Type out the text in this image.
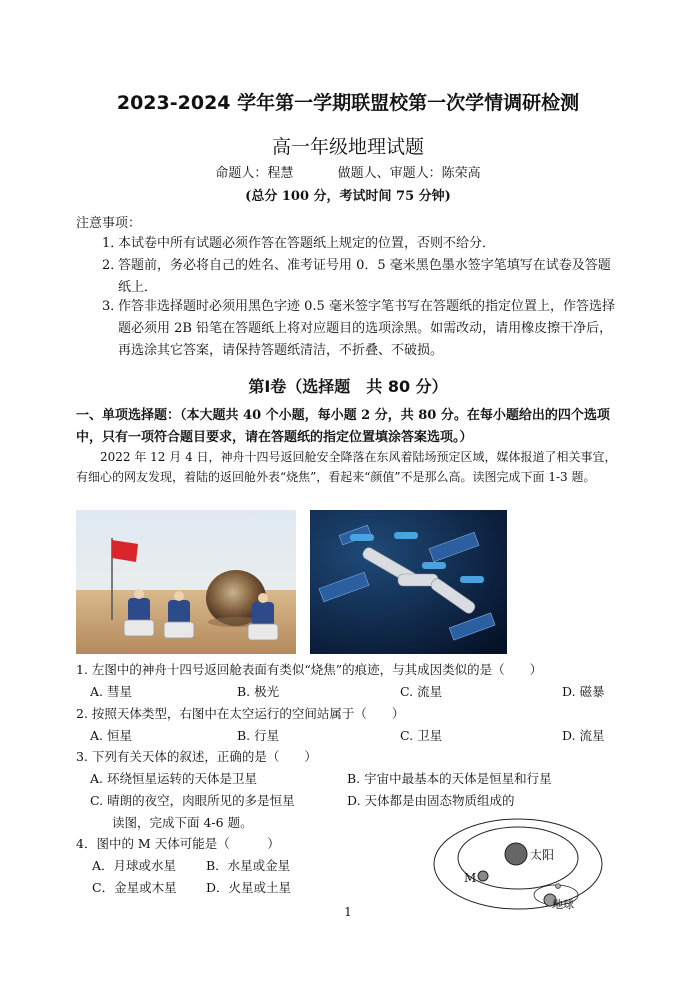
2023-2024 学年第一学期联盟校第一次学情调研检测
高一年级地理试题
命题人：程慧	做题人、审题人：陈荣高
(总分 100 分，考试时间 75 分钟)
注意事项：
1．
本试卷中所有试题必须作答在答题纸上规定的位置，否则不给分．
2．
答题前，务必将自己的姓名、准考证号用 0．5 毫米黑色墨水签字笔填写在试卷及答题纸上．
3．
作答非选择题时必须用黑色字迹 0.5 毫米签字笔书写在答题纸的指定位置上，作答选择题必须用 2B 铅笔在答题纸上将对应题目的选项涂黑。如需改动，请用橡皮擦干净后，再选涂其它答案，请保持答题纸清洁，不折叠、不破损。
第Ⅰ卷（选择题　共 80 分）
一、单项选择题：（本大题共 40 个小题，每小题 2 分，共 80 分。在每小题给出的四个选项中，只有一项符合题目要求，请在答题纸的指定位置填涂答案选项。）
2022 年 12 月 4 日，神舟十四号返回舱安全降落在东风着陆场预定区域，媒体报道了相关事宜，有细心的网友发现，着陆的返回舱外表“烧焦”，看起来“颜值”不是那么高。读图完成下面 1-3 题。
1. 左图中的神舟十四号返回舱表面有类似“烧焦”的痕迹，与其成因类似的是（　　）
A. 彗星	B. 极光	C. 流星	D. 磁暴
2. 按照天体类型，右图中在太空运行的空间站属于（　　）
A. 恒星	B. 行星	C. 卫星	D. 流星
3. 下列有关天体的叙述，正确的是（　　）
A. 环绕恒星运转的天体是卫星	B. 宇宙中最基本的天体是恒星和行星
C. 晴朗的夜空，肉眼所见的多是恒星	D. 天体都是由固态物质组成的
读图，完成下面 4-6 题。
4．图中的 M 天体可能是（　　　）
A．月球或水星 B．水星或金星
C．金星或木星 D．火星或土星
太阳
M
地球
1
